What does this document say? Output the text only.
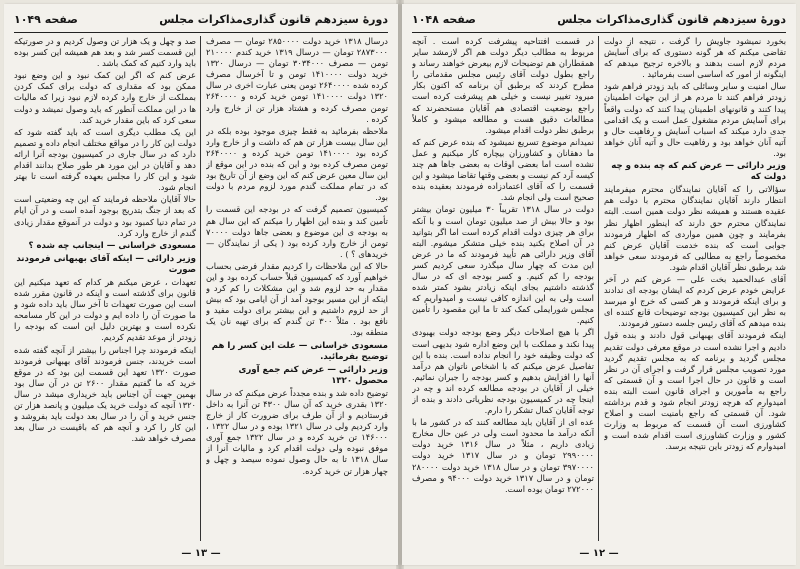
دورهٔ سیزدهم قانون گذاری
مذاکرات مجلس
صفحه ۱۰۴۸

بخورد نمیشود جاویش را گرفت ، نتیجه از دولت تقاضی میکنم که هر گونه دستوری که برای آسایش مردم لازم است بدهند و بالاخره ترجیح میدهم که اینگونه از امور که اساسی است بفرمائید .

سال امنیت و سایر وسائلی که باید زودتر فراهم شود زودتر فراهم کنند تا مردم هر از این جهات اطمینان پیدا کنند و قانونهای اطمینان پیدا کنند که دولت واقعاً برای آسایش مردم مشغول عمل است و یک اقدامی جدی دارد میکند که اسباب آسایش و رفاهیت حال و آتیه آنان خواهد بود و رفاهیت حال و آتیه آنان خواهد بود.

وزیر دارائی — عرض کنم که چه بنده و چه دولت که

سؤالاتی را که آقایان نمایندگان محترم میفرمایند انتظار دارند آقایان نمایندگان محترم با دولت هم عقیده هستند و همیشه نظر دولت همین است. البته نمایندگان محترم حق دارند که اینطور اظهار نظر بفرمایند و چون همین مواردی که اظهار فرمودند جوابی است که بنده خدمت آقایان عرض کنم مخصوصاً راجع به مطالبی که فرمودند سعی خواهد شد برطبق نظر آقایان اقدام شود.

آقای عبدالحمید بخت علی — عرض کنم در آخر عرایض خودم عرض کردم که ایشان بودجه ای ندادند و برای اینکه فرمودند و هر کسی که خرج او میرسد به نظر این کمیسیون بودجه توضیحات قانع کننده ای بنده میدهم که آقای رئیس جلسه دستور فرمودند.

اینکه فرمودند آقای بهبهانی قول دادند و بنده قول دادیم و اجرا نشده است در موقع معرفی دولت تقدیم مجلس گردید و برنامه که به مجلس تقدیم گردید مورد تصویب مجلس قرار گرفت و اجرای آن در نظر است و قانون در حال اجرا است و آن قسمتی که راجع به مأمورین و اجرای قانون است البته بنده امیدوارم که هرچه زودتر انجام شود و قدم برداشته شود. آن قسمتی که راجع بامنیت است و اصلاح کشاورزی است آن قسمت که مربوط به وزارت کشور و وزارت کشاورزی است اقدام شده است و امیدوارم که زودتر باین نتیجه برسد.

در قسمت افتتاحیه پیشرفت کرده است . آنچه مربوط به مطالب دیگر دولت هم اگر لازمشد سایر همقطاران هم توضیحات لازم بیعرض خواهند رساند و راجع بطول دولت آقای رئیس مجلس مقدماتی را مطرح کردند که برطبق آن برنامه که اکنون بکار میرود تغییر نیست و خیلی هم پیشرفت کرده است راجع بوضعیت اقتصادی هم آقایان مستحضرند که مطالعات دقیق هست و مطالعه میشود و کاملاً برطبق نظر دولت اقدام میشود.

نمیدانم موضوع تسریع نمیشود که بنده عرض کنم که ما دهقانان و کشاورزان بیچاره کار میکنیم و عمل نشده است اما بعضی اوقات به بعضی جاها هم چند کیسه آرد کم نیست و بعضی وقتها تقاضا میشود و این قسمت را که آقای اعتمادزاده فرمودند بعقیده بنده صحیح است ولی انجام شد.

دولت در سال ۱۳۱۸ تقریباً ۳۰ میلیون تومان بیشتر بود و حالا بیش از صد میلیون تومان است و با آنکه برای هر چیزی دولت اقدام کرده است اما اگر بتوانید در آن اصلاح بکنید بنده خیلی متشکر میشوم. البته آقای وزیر دارائی هم تأیید فرمودند که ما در عرض این مدت که چهار سال میگذرد سعی کردیم کسر بودجه را کم کنیم. و کسر بودجه ای که در سال گذشته داشتیم بجای اینکه زیادتر بشود کمتر شده است ولی به این اندازه کافی نیست و امیدواریم که مجلس شورایملی کمک کند تا ما این مقصود را تأمین کنیم.

اگر با هیچ اصلاحات دیگر وضع بودجه دولت بهبودی پیدا نکند و مملکت با این وضع اداره شود بدیهی است که دولت وظیفه خود را انجام نداده است. بنده با این تفاصیل عرض میکنم که با اشخاص ناتوان هم درآمد آنها را افزایش بدهیم و کسر بودجه را جبران نمائیم. خیلی از آقایان در بودجه مطالعه کرده اند و چه در اینجا چه در کمیسیون بودجه نظریاتی دادند و بنده از توجه آقایان کمال تشکر را دارم.

عده ای از آقایان باید مطالعه کنند که در کشور ما با آنکه درآمد ما محدود است ولی در عین حال مخارج زیادی داریم ، مثلاً در سال ۱۳۱۶ خرید دولت ۲۹۹۰۰۰۰ تومان و در سال ۱۳۱۷ خرید دولت ۳۹۷۰۰۰۰ تومان و در سال ۱۳۱۸ خرید دولت ۲۸۰۰۰۰ تومان و در سال ۱۳۱۷ خرید دولت ۹۴۰۰۰ و مصرف ۲۷۲۰۰۰ تومان بوده است.

— ۱۲ —
دورهٔ سیزدهم قانون گذاری
مذاکرات مجلس
صفحه ۱۰۴۹

درسال ۱۳۱۸ خرید دولت ۲۸۵۰۰۰۰ تومان — مصرف ۲۸۷۳۰۰۰ تومان — درسال ۱۳۱۹ خرید کندم ۲۱۰۰۰۰ تومن — مصرف ۳۰۳۴۰۰۰ تومان — درسال ۱۳۲۰ خرید دولت ۱۴۱۰۰۰۰ تومن و تا آخرسال مصرف کرده شده ۲۶۴۰۰۰۰ تومن یعنی عبارت اخری در سال ۱۳۲۰ دولت ۱۴۱۰۰۰۰ تومن خرید کرده و ۲۶۴۰۰۰۰ تومن مصرف کرده و هشتاد هزار تن از خارج وارد کرده .

ملاحظه بفرمائید به فقط چیزی موجود بوده بلکه در این سال بیست هزار تن هم که داشت و از خارج وارد کرده بود ۱۴۱۰۰۰۰ تومن خرید کرده و ۲۶۴۰۰۰۰ تومن مصرف کرده بود و این که بنده در این موقع از این سال معین عرض کنم که این وضع از آن تاریخ بود که در تمام مملکت گندم مورد لزوم مردم با دولت بود.

کمیسیون تصمیم گرفت که در بودجه این قسمت را تأمین کند و بنده این اظهار را میکنم که این سال هم به بودجه ی این موضوع و بعضی جاها دولت ۷۰۰۰۰ تومن از خارج وارد کرده بود ( یکی از نمایندگان — خریدهای ؟ ) .

حالا که این ملاحظات را کردیم مقدار فرضی بحساب خواهیم آورد که کمیسیون قبلاً حساب کرده بود و این مقدار به حد لزوم شد و این مشکلات را کم کرد و اینکه از این مسیر بوجود آمد از آن ایامی بود که بیش از حد لزوم داشتیم و این بیشتر برای دولت مفید و نافع بود . مثلاً ۳۰۰ تن گندم که برای تهیه نان یک منطقه بود.

مسعودی خراسانی — علت این کسر را هم توضیح بفرمائید.

وزیر دارائی — عرض کنم جمع آوری محصول ۱۳۲۰

توضیح داده شد و بنده مجدداً عرض میکنم که در سال ۱۳۲۰ بقدری خرید که آن سال ۴۳۰۰ تن آنرا به داخل فرستادیم و از آن طرف برای ضرورت کار از خارج وارد کردیم ولی در سال ۱۳۲۱ بوده و در سال ۱۳۲۲ ، ۱۴۶۰۰۰ تن خرید کرده و در سال ۱۳۲۲ جمع آوری موفق نبوده ولی دولت اقدام کرد و مالیات آنرا از سال ۱۳۱۸ تا به حال وصول نموده سیصد و چهل و چهار هزار تن خرید کرده.

صد و چهل و یک هزار تن وصول کردیم و در صورتیکه این قسمت کسر شد و بعد هم همیشه این کسر بوده باید وارد کنیم که کمک باشد .

عرض کنم که اگر این کمک نبود و این وضع نبود ممکن بود که مقداری که دولت برای کمک کردن بمملکت از خارج وارد کرده لازم نبود زیرا که مالیات ها در این مملکت آنطور که باید وصول نمیشد و دولت سعی کرد که باین مقدار خرید کند.

این یک مطلب دیگری است که باید گفته شود که دولت این کار را در مواقع مختلف انجام داده و تصمیم دارد که در سال جاری در کمیسیون بودجه آنرا ارائه دهد و آقایان در این مورد هر طور صلاح بدانند اقدام شود و این کار را مجلس بعهده گرفته است تا بهتر انجام شود.

حالا آقایان ملاحظه فرمایند که این چه وضعیتی است که بعد از جنگ بتدریج بوجود آمده است و در آن ایام در تمام دنیا کمبود بود و دولت در آنموقع مقدار زیادی گندم از خارج وارد کرد.

مسعودی خراسانی — اینجانب چه شده ؟

وزیر دارائی — اینکه آقای بهبهانی فرمودند صورت

تعهدات ، عرض میکنم هر کدام که تعهد میکنیم این قانون برای گذشته است و اینکه در قانون مقرر شده است این صورت تعهدات تا آخر سال باید داده شود و ما صورت آن را داده ایم و دولت در این کار مسامحه نکرده است و بهترین دلیل این است که بودجه را زودتر از موعد تقدیم کردیم.

اینکه فرمودند چرا اجناس را بیشتر از آنچه گفته شده است خریدند، جنس فرمودند آقای بهبهانی فرمودند صورت ۱۳۲۰ تعهد این قسمت این بود که در موقع خرید که ما گفتیم مقدار ۲۶۰۰ تن در آن سال بود بهمین جهت آن اجناس باید خریداری میشد در سال ۱۳۲۰ آنچه که دولت خرید یک میلیون و پانصد هزار تن جنس خرید و آن را در سال بعد دولت باید بفروشد و این کار را کرد و آنچه هم که باقیست در سال بعد مصرف خواهد شد.

— ۱۳ —
